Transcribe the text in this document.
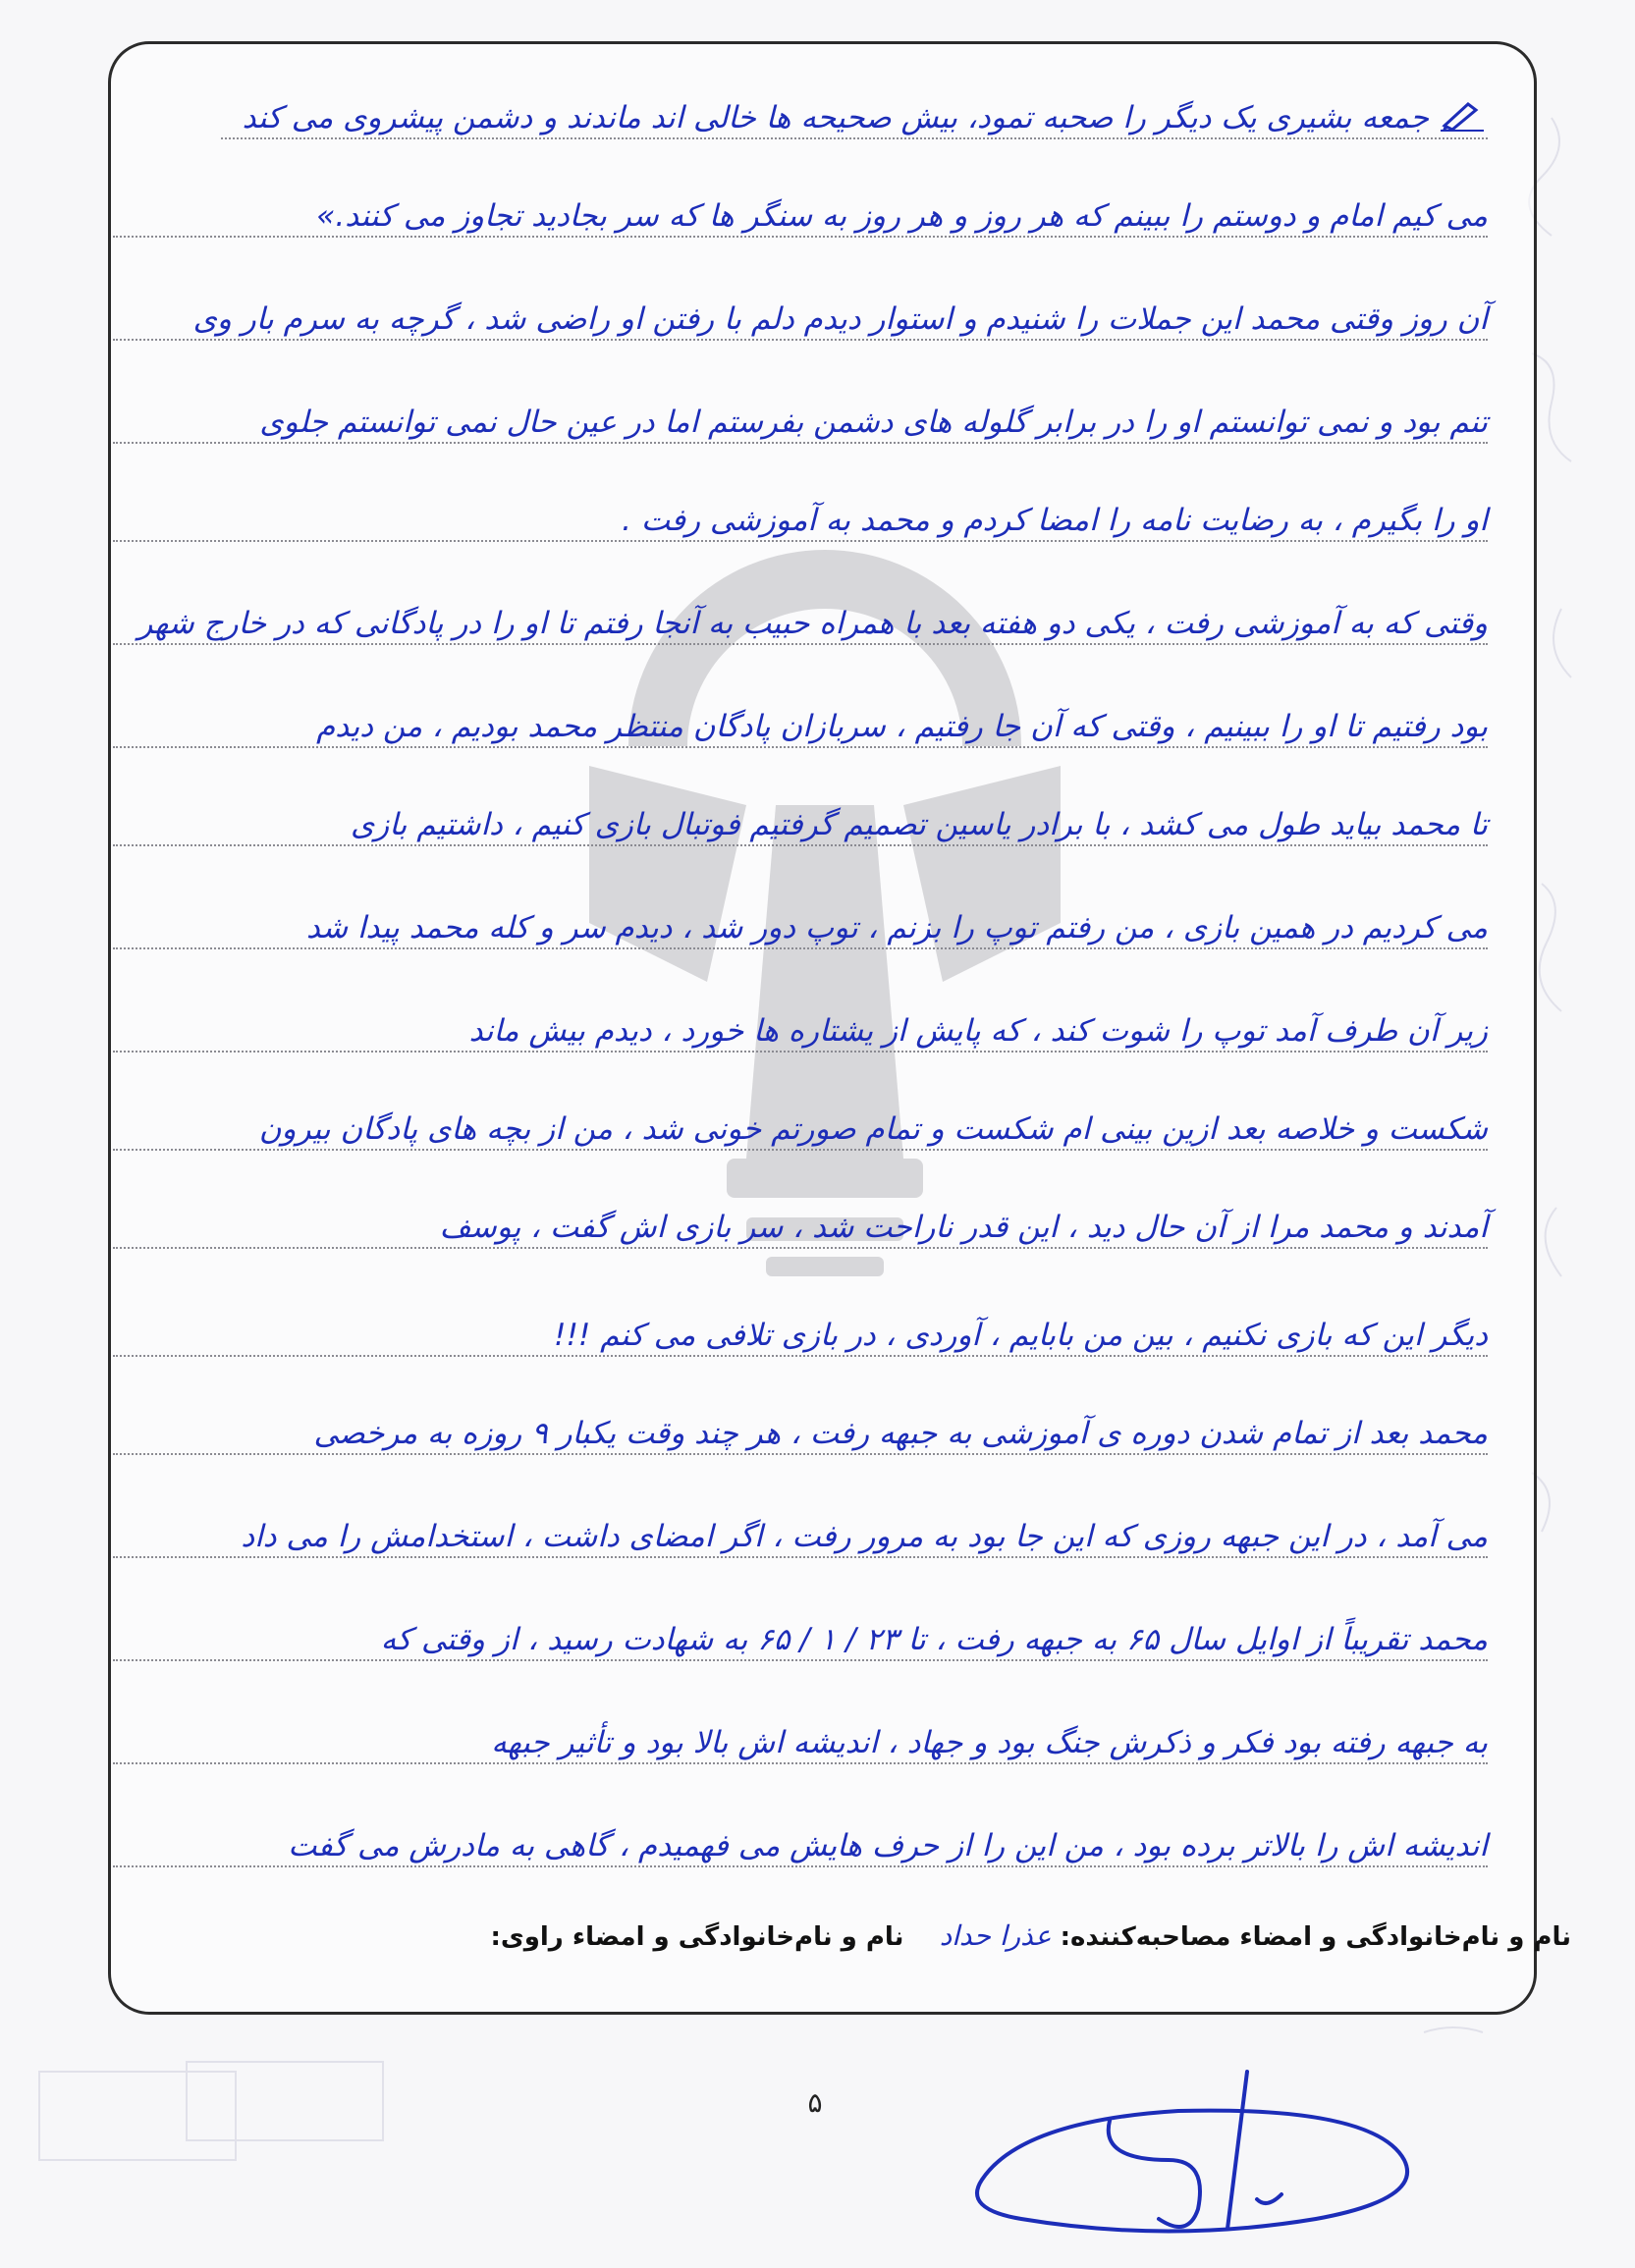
جمعه بشیری یک دیگر را صحبه تمود، بیش صحیحه ها خالی اند ماندند و دشمن پیشروی می کند
می کیم امام و دوستم را ببینم که هر روز و هر روز به سنگر ها که سر بجادید تجاوز می کنند.»
آن روز وقتی محمد این جملات را شنیدم و استوار دیدم دلم با رفتن او راضی شد ، گرچه به سرم بار وی
تنم بود و نمی توانستم او را در برابر گلوله های دشمن بفرستم اما در عین حال نمی توانستم جلوی
او را بگیرم ، به رضایت نامه را امضا کردم و محمد به آموزشی رفت .
وقتی که به آموزشی رفت ، یکی دو هفته بعد با همراه حبیب به آنجا رفتم تا او را در پادگانی که در خارج شهر
بود رفتیم تا او را ببینیم ، وقتی که آن جا رفتیم ، سربازان پادگان منتظر محمد بودیم ، من دیدم
تا محمد بیاید طول می کشد ، با برادر یاسین تصمیم گرفتیم فوتبال بازی کنیم ، داشتیم بازی
می کردیم در همین بازی ، من رفتم توپ را بزنم ، توپ دور شد ، دیدم سر و کله محمد پیدا شد
زیر آن طرف آمد توپ را شوت کند ، که پایش از یشتاره ها خورد ، دیدم بیش ماند
شکست و خلاصه بعد ازین بینی ام شکست و تمام صورتم خونی شد ، من از بچه های پادگان بیرون
آمدند و محمد مرا از آن حال دید ، این قدر ناراحت شد ، سر بازی اش گفت ، پوسف
دیگر این که بازی نکنیم ، بین من بابایم ، آوردی ، در بازی تلافی می کنم !!!
محمد بعد از تمام شدن دوره ی آموزشی به جبهه رفت ، هر چند وقت یکبار ۹ روزه به مرخصی
می آمد ، در این جبهه روزی که این جا بود به مرور رفت ، اگر امضای داشت ، استخدامش را می داد
محمد تقریباً از اوایل سال ۶۵ به جبهه رفت ، تا ۲۳ / ۱ / ۶۵ به شهادت رسید ، از وقتی که
به جبهه رفته بود فکر و ذکرش جنگ بود و جهاد ، اندیشه اش بالا بود و تأثیر جبهه
اندیشه اش را بالاتر برده بود ، من این را از حرف هایش می فهمیدم ، گاهی به مادرش می گفت
نام و نام‌خانوادگی و امضاء مصاحبه‌کننده: عذرا حداد    نام و نام‌خانوادگی و امضاء راوی:
۵
